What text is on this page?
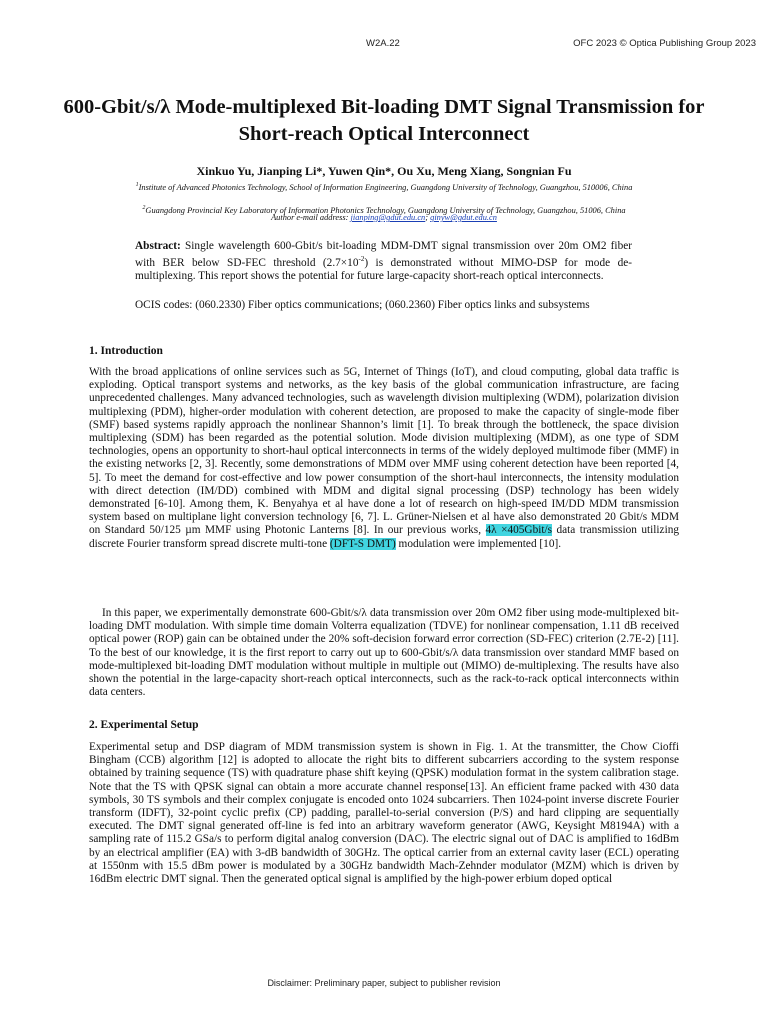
W2A.22	OFC 2023 © Optica Publishing Group 2023
600-Gbit/s/λ Mode-multiplexed Bit-loading DMT Signal Transmission for Short-reach Optical Interconnect
Xinkuo Yu, Jianping Li*, Yuwen Qin*, Ou Xu, Meng Xiang, Songnian Fu
$^1$Institute of Advanced Photonics Technology, School of Information Engineering, Guangdong University of Technology, Guangzhou, 510006, China
$^2$Guangdong Provincial Key Laboratory of Information Photonics Technology, Guangdong University of Technology, Guangzhou, 51006, China
Author e-mail address: jianping@gdut.edu.cn; qinyw@gdut.edu.cn
Abstract: Single wavelength 600-Gbit/s bit-loading MDM-DMT signal transmission over 20m OM2 fiber with BER below SD-FEC threshold $(2.7\times 10^{-2})$ is demonstrated without MIMO-DSP for mode de-multiplexing. This report shows the potential for future large-capacity short-reach optical interconnects.
OCIS codes: (060.2330) Fiber optics communications; (060.2360) Fiber optics links and subsystems
1. Introduction
With the broad applications of online services such as 5G, Internet of Things (IoT), and cloud computing, global data traffic is exploding. Optical transport systems and networks, as the key basis of the global communication infrastructure, are facing unprecedented challenges. Many advanced technologies, such as wavelength division multiplexing (WDM), polarization division multiplexing (PDM), higher-order modulation with coherent detection, are proposed to make the capacity of single-mode fiber (SMF) based systems rapidly approach the nonlinear Shannon’s limit [1]. To break through the bottleneck, the space division multiplexing (SDM) has been regarded as the potential solution. Mode division multiplexing (MDM), as one type of SDM technologies, opens an opportunity to short-haul optical interconnects in terms of the widely deployed multimode fiber (MMF) in the existing networks [2, 3]. Recently, some demonstrations of MDM over MMF using coherent detection have been reported [4, 5]. To meet the demand for cost-effective and low power consumption of the short-haul interconnects, the intensity modulation with direct detection (IM/DD) combined with MDM and digital signal processing (DSP) technology has been widely demonstrated [6-10]. Among them, K. Benyahya et al have done a lot of research on high-speed IM/DD MDM transmission system based on multiplane light conversion technology [6, 7]. L. Grüner-Nielsen et al have also demonstrated 20 Gbit/s MDM on Standard 50/125 µm MMF using Photonic Lanterns [8]. In our previous works, 4λ ×405Gbit/s data transmission utilizing discrete Fourier transform spread discrete multi-tone (DFT-S DMT) modulation were implemented [10].
In this paper, we experimentally demonstrate 600-Gbit/s/λ data transmission over 20m OM2 fiber using mode-multiplexed bit-loading DMT modulation. With simple time domain Volterra equalization (TDVE) for nonlinear compensation, 1.11 dB received optical power (ROP) gain can be obtained under the 20% soft-decision forward error correction (SD-FEC) criterion (2.7E-2) [11]. To the best of our knowledge, it is the first report to carry out up to 600-Gbit/s/λ data transmission over standard MMF based on mode-multiplexed bit-loading DMT modulation without multiple in multiple out (MIMO) de-multiplexing. The results have also shown the potential in the large-capacity short-reach optical interconnects, such as the rack-to-rack optical interconnects within data centers.
2. Experimental Setup
Experimental setup and DSP diagram of MDM transmission system is shown in Fig. 1. At the transmitter, the Chow Cioffi Bingham (CCB) algorithm [12] is adopted to allocate the right bits to different subcarriers according to the system response obtained by training sequence (TS) with quadrature phase shift keying (QPSK) modulation format in the system calibration stage. Note that the TS with QPSK signal can obtain a more accurate channel response[13]. An efficient frame packed with 430 data symbols, 30 TS symbols and their complex conjugate is encoded onto 1024 subcarriers. Then 1024-point inverse discrete Fourier transform (IDFT), 32-point cyclic prefix (CP) padding, parallel-to-serial conversion (P/S) and hard clipping are sequentially executed. The DMT signal generated off-line is fed into an arbitrary waveform generator (AWG, Keysight M8194A) with a sampling rate of 115.2 GSa/s to perform digital analog conversion (DAC). The electric signal out of DAC is amplified to 16dBm by an electrical amplifier (EA) with 3-dB bandwidth of 30GHz. The optical carrier from an external cavity laser (ECL) operating at 1550nm with 15.5 dBm power is modulated by a 30GHz bandwidth Mach-Zehnder modulator (MZM) which is driven by 16dBm electric DMT signal. Then the generated optical signal is amplified by the high-power erbium doped optical
Disclaimer: Preliminary paper, subject to publisher revision
